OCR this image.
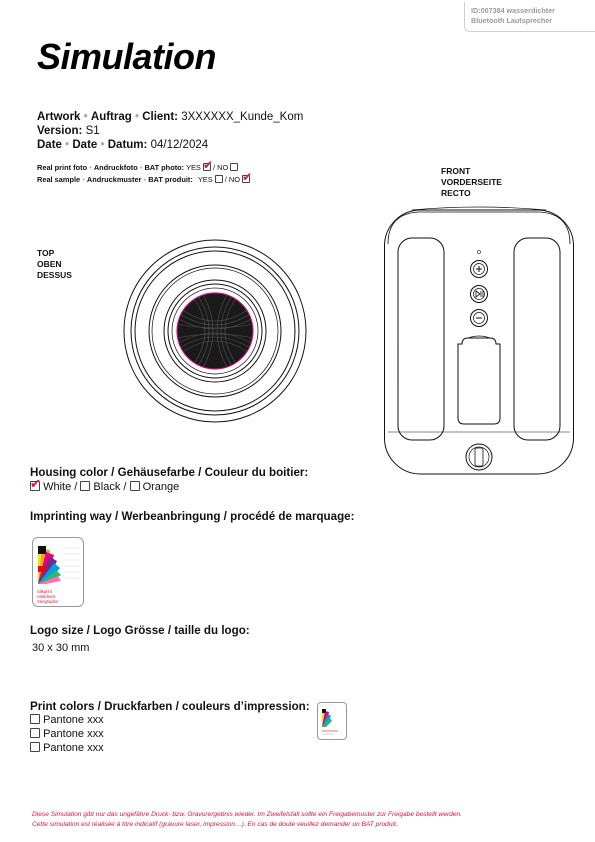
ID:007384 wasserdichter
Bluetooth Lautsprecher
Simulation
Artwork • Auftrag • Client: 3XXXXXX_Kunde_Kom
Version: S1
Date • Date • Datum: 04/12/2024
Real print foto • Andruckfoto • BAT photo: YES ✔ / NO
Real sample • Andruckmuster • BAT produit: YES / NO ✔
TOP
OBEN
DESSUS
FRONT
VORDERSEITE
RECTO
Housing color / Gehäusefarbe / Couleur du boitier:
✔ White / Black / Orange
Imprinting way / Werbeanbringung / procédé de marquage:
Silkprint
Siebdruck
Sérigraphie
Logo size / Logo Grösse / taille du logo:
30 x 30 mm
Print colors / Druckfarben / couleurs d’impression:
Pantone xxx
Pantone xxx
Pantone xxx
Diese Simulation gibt nur das ungefähre Druck- bzw. Gravurergebnis wieder. Im Zweifelsfall sollte ein Freigabemuster zur Freigabe bestellt werden.
Cette simulation est réalisée à titre indicatif (gravure laser, impression…). En cas de doute veuillez demander un BAT produit.
